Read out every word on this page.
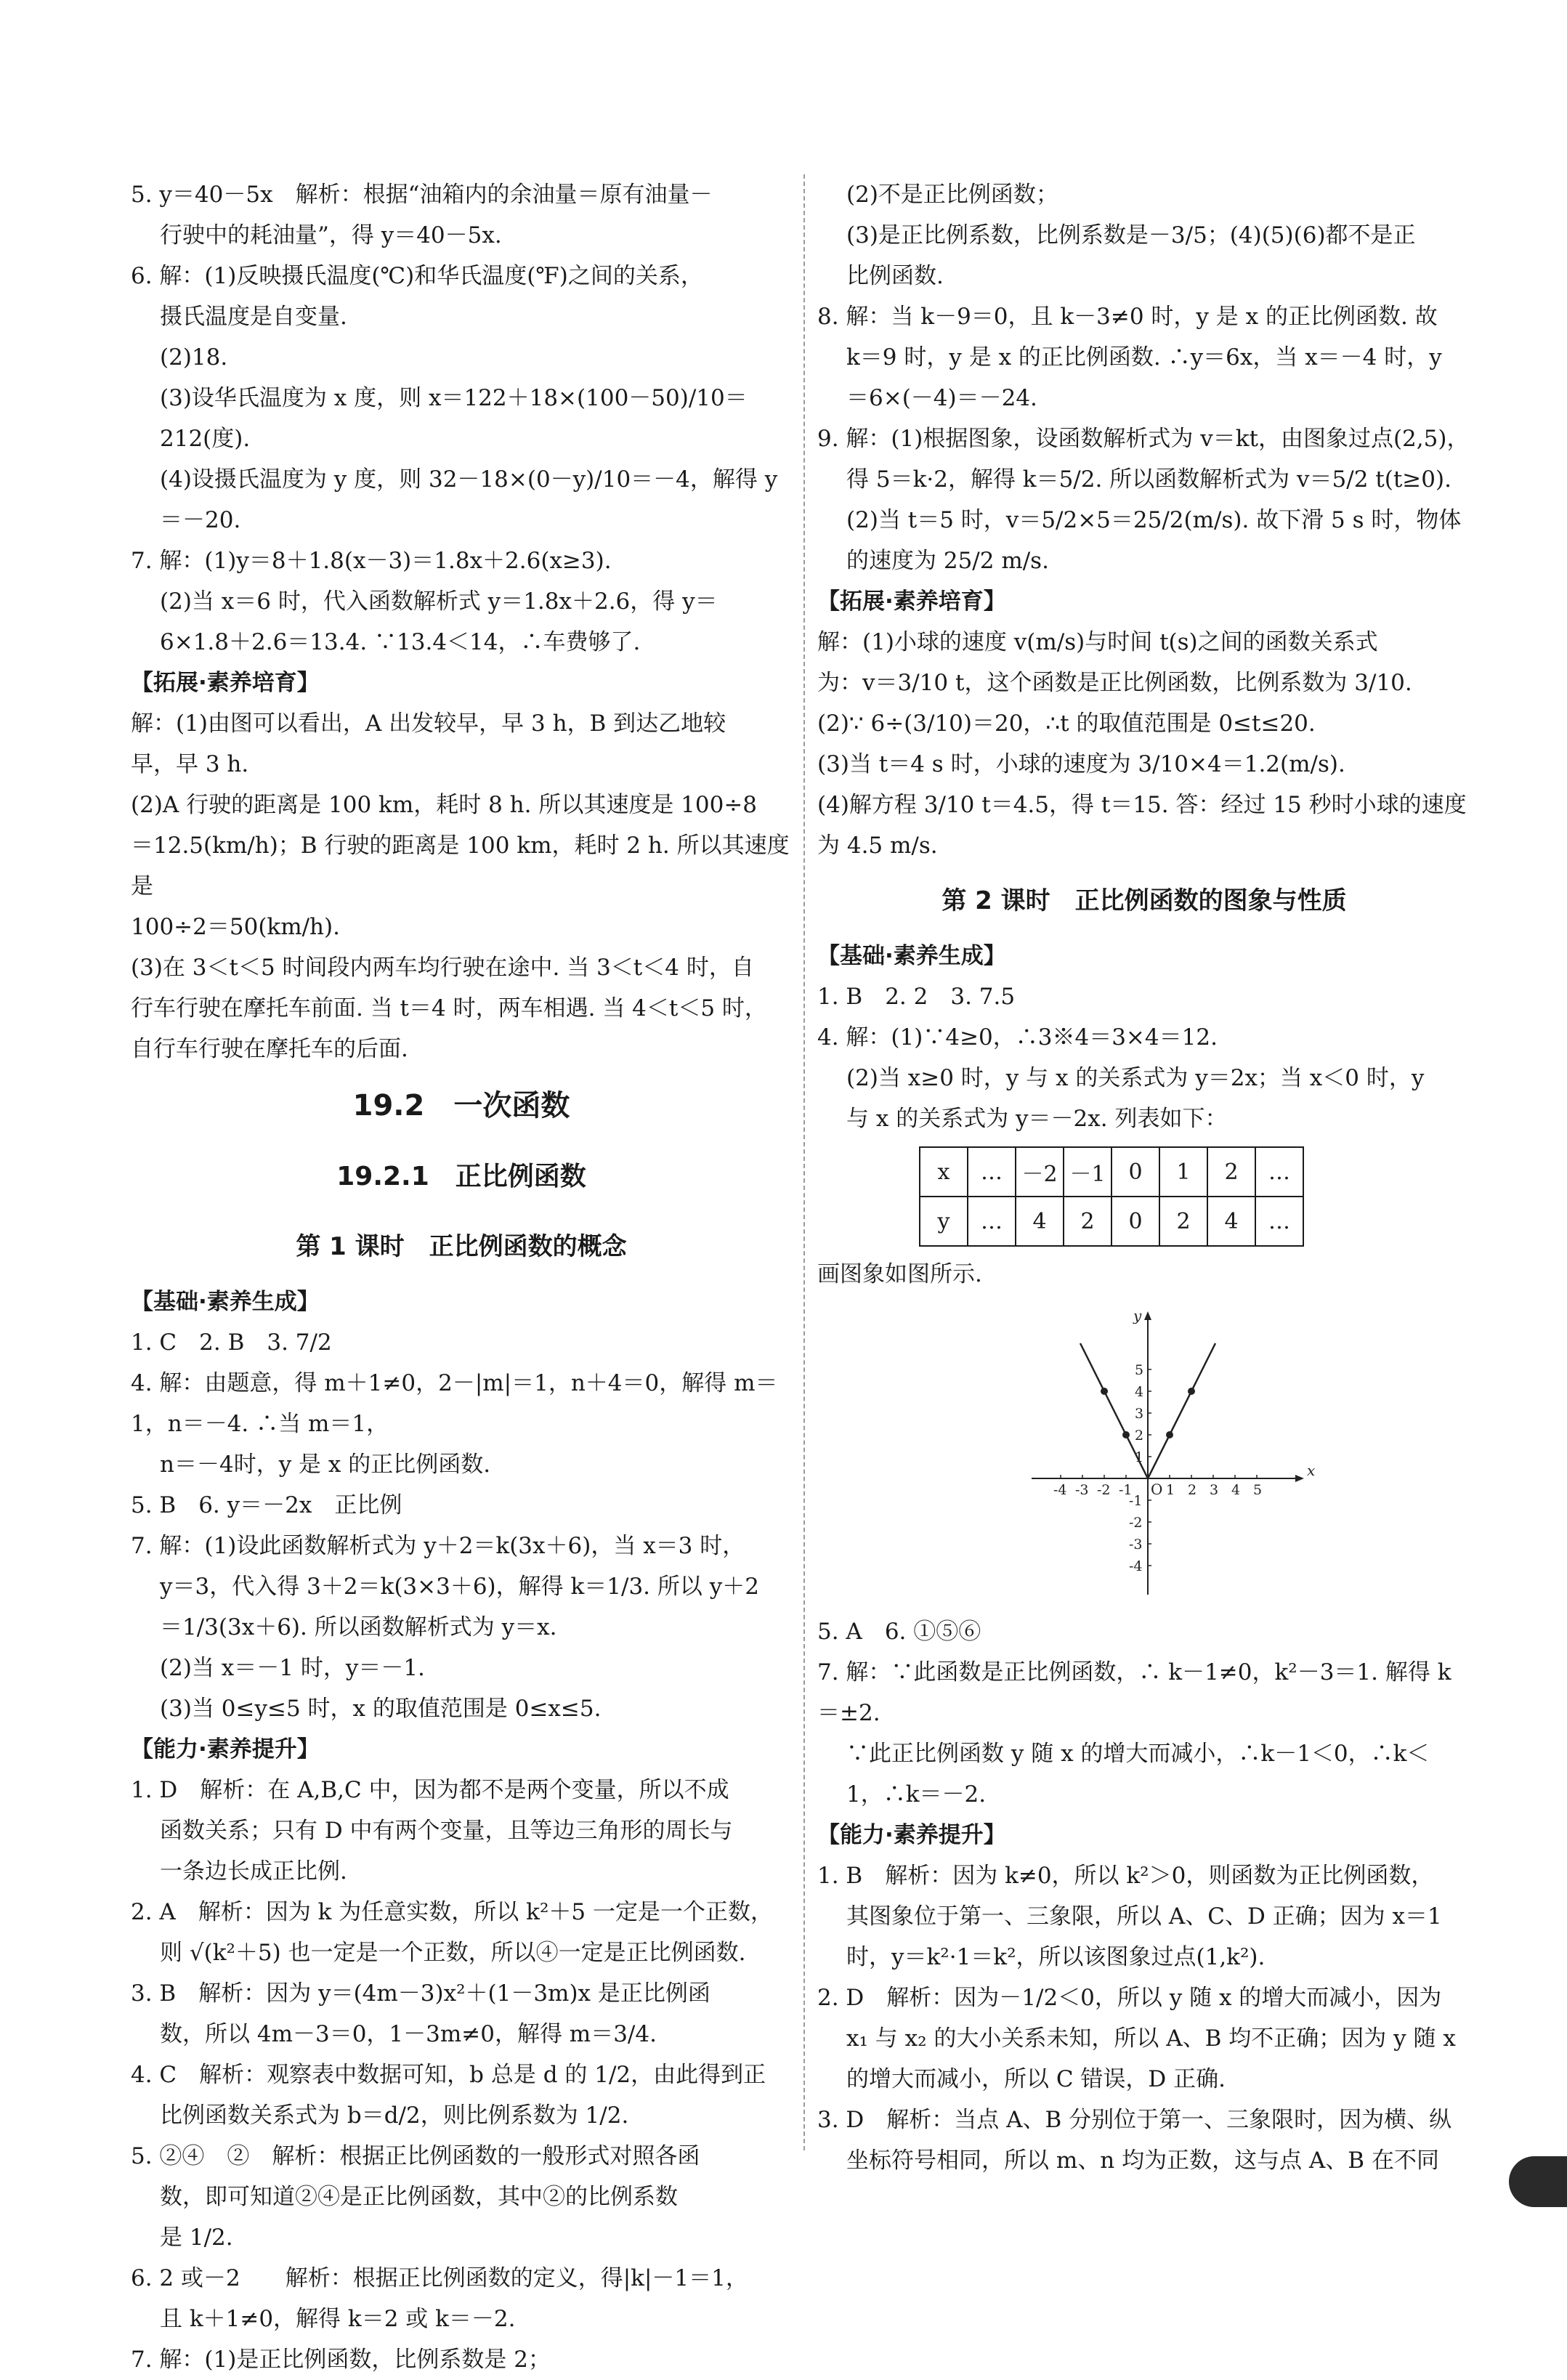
5. y＝40－5x　解析：根据“油箱内的余油量＝原有油量－

行驶中的耗油量”，得 y＝40－5x.

6. 解：(1)反映摄氏温度(℃)和华氏温度(℉)之间的关系，

摄氏温度是自变量.

(2)18.

(3)设华氏温度为 x 度，则 x＝122＋18×(100－50)/10＝212(度).

(4)设摄氏温度为 y 度，则 32－18×(0－y)/10＝－4，解得 y＝－20.

7. 解：(1)y＝8＋1.8(x－3)＝1.8x＋2.6(x≥3).

(2)当 x＝6 时，代入函数解析式 y＝1.8x＋2.6，得 y＝

6×1.8＋2.6＝13.4. ∵13.4＜14，∴车费够了.

【拓展·素养培育】

解：(1)由图可以看出，A 出发较早，早 3 h，B 到达乙地较

早，早 3 h.

(2)A 行驶的距离是 100 km，耗时 8 h. 所以其速度是 100÷8

＝12.5(km/h)；B 行驶的距离是 100 km，耗时 2 h. 所以其速度是

100÷2＝50(km/h).

(3)在 3＜t＜5 时间段内两车均行驶在途中. 当 3＜t＜4 时，自

行车行驶在摩托车前面. 当 t＝4 时，两车相遇. 当 4＜t＜5 时，

自行车行驶在摩托车的后面.

19.2　一次函数

19.2.1　正比例函数

第 1 课时　正比例函数的概念

【基础·素养生成】

1. C　2. B　3. 7/2

4. 解：由题意，得 m＋1≠0，2－|m|＝1，n＋4＝0，解得 m＝1，n＝－4. ∴当 m＝1，

n＝－4时，y 是 x 的正比例函数.

5. B　6. y＝－2x　正比例

7. 解：(1)设此函数解析式为 y＋2＝k(3x＋6)，当 x＝3 时，

y＝3，代入得 3＋2＝k(3×3＋6)，解得 k＝1/3. 所以 y＋2

＝1/3(3x＋6). 所以函数解析式为 y＝x.

(2)当 x＝－1 时，y＝－1.

(3)当 0≤y≤5 时，x 的取值范围是 0≤x≤5.

【能力·素养提升】

1. D　解析：在 A,B,C 中，因为都不是两个变量，所以不成

函数关系；只有 D 中有两个变量，且等边三角形的周长与

一条边长成正比例.

2. A　解析：因为 k 为任意实数，所以 k²＋5 一定是一个正数，

则 √(k²＋5) 也一定是一个正数，所以④一定是正比例函数.

3. B　解析：因为 y＝(4m－3)x²＋(1－3m)x 是正比例函

数，所以 4m－3＝0，1－3m≠0，解得 m＝3/4.

4. C　解析：观察表中数据可知，b 总是 d 的 1/2，由此得到正

比例函数关系式为 b＝d/2，则比例系数为 1/2.

5. ②④　②　解析：根据正比例函数的一般形式对照各函

数，即可知道②④是正比例函数，其中②的比例系数

是 1/2.

6. 2 或－2　　解析：根据正比例函数的定义，得|k|－1＝1，

且 k＋1≠0，解得 k＝2 或 k＝－2.

7. 解：(1)是正比例函数，比例系数是 2；

(2)不是正比例函数；

(3)是正比例系数，比例系数是－3/5；(4)(5)(6)都不是正

比例函数.

8. 解：当 k－9＝0，且 k－3≠0 时，y 是 x 的正比例函数. 故

k＝9 时，y 是 x 的正比例函数. ∴y＝6x，当 x＝－4 时，y

＝6×(－4)＝－24.

9. 解：(1)根据图象，设函数解析式为 v＝kt，由图象过点(2,5)，

得 5＝k·2，解得 k＝5/2. 所以函数解析式为 v＝5/2 t(t≥0).

(2)当 t＝5 时，v＝5/2×5＝25/2(m/s). 故下滑 5 s 时，物体

的速度为 25/2 m/s.

【拓展·素养培育】

解：(1)小球的速度 v(m/s)与时间 t(s)之间的函数关系式

为：v＝3/10 t，这个函数是正比例函数，比例系数为 3/10.

(2)∵ 6÷(3/10)＝20，∴t 的取值范围是 0≤t≤20.

(3)当 t＝4 s 时，小球的速度为 3/10×4＝1.2(m/s).

(4)解方程 3/10 t＝4.5，得 t＝15. 答：经过 15 秒时小球的速度

为 4.5 m/s.

第 2 课时　正比例函数的图象与性质

【基础·素养生成】

1. B　2. 2　3. 7.5

4. 解：(1)∵4≥0，∴3※4＝3×4＝12.

(2)当 x≥0 时，y 与 x 的关系式为 y＝2x；当 x＜0 时，y

与 x 的关系式为 y＝－2x. 列表如下：

x	…	－2	－1	0	1	2	…
y	…	4	2	0	2	4	…

画图象如图所示.

x
y
O
-4 -3 -2 -1 1 2 3 4 5
5
4
3
2
1
-1
-2
-3
-4

5. A　6. ①⑤⑥

7. 解：∵此函数是正比例函数，∴ k－1≠0，k²－3＝1. 解得 k＝±2.

∵此正比例函数 y 随 x 的增大而减小，∴k－1＜0，∴k＜

1，∴k＝－2.

【能力·素养提升】

1. B　解析：因为 k≠0，所以 k²＞0，则函数为正比例函数，

其图象位于第一、三象限，所以 A、C、D 正确；因为 x＝1

时，y＝k²·1＝k²，所以该图象过点(1,k²).

2. D　解析：因为－1/2＜0，所以 y 随 x 的增大而减小，因为

x₁ 与 x₂ 的大小关系未知，所以 A、B 均不正确；因为 y 随 x

的增大而减小，所以 C 错误，D 正确.

3. D　解析：当点 A、B 分别位于第一、三象限时，因为横、纵

坐标符号相同，所以 m、n 均为正数，这与点 A、B 在不同
